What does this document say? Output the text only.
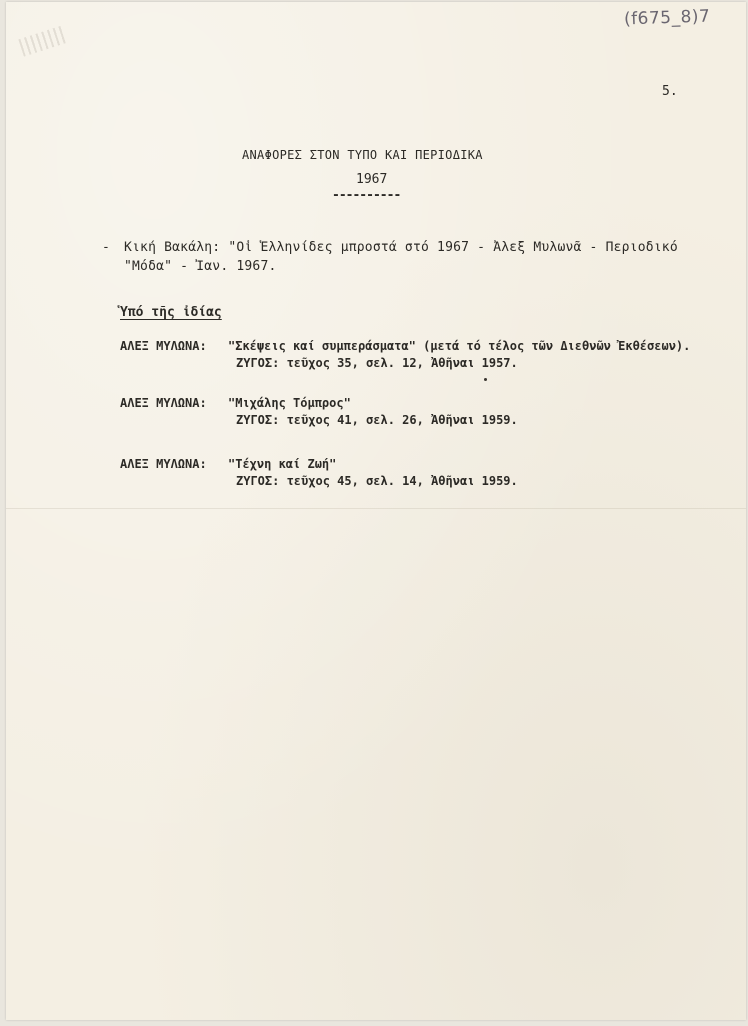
(f675_8)7
5.
ΑΝΑΦΟΡΕΣ ΣΤΟΝ ΤΥΠΟ ΚΑΙ ΠΕΡΙΟΔΙΚΑ
1967
----------
- Κική Βακάλη: "Οἱ Ἑλληνίδες μπροστά στό 1967 - Ἀλεξ Μυλωνᾶ - Περιοδικό "Μόδα" - Ἰαν. 1967.
Ὑπό τῆς ἰδίας
ΑΛΕΞ ΜΥΛΩΝΑ: "Σκέψεις καί συμπεράσματα" (μετά τό τέλος τῶν Διεθνῶν Ἐκθέσεων).
ΖΥΓΟΣ: τεῦχος 35, σελ. 12, Ἀθῆναι 1957.
ΑΛΕΞ ΜΥΛΩΝΑ: "Μιχάλης Τόμπρος"
ΖΥΓΟΣ: τεῦχος 41, σελ. 26, Ἀθῆναι 1959.
ΑΛΕΞ ΜΥΛΩΝΑ: "Τέχνη καί Ζωή"
ΖΥΓΟΣ: τεῦχος 45, σελ. 14, Ἀθῆναι 1959.
